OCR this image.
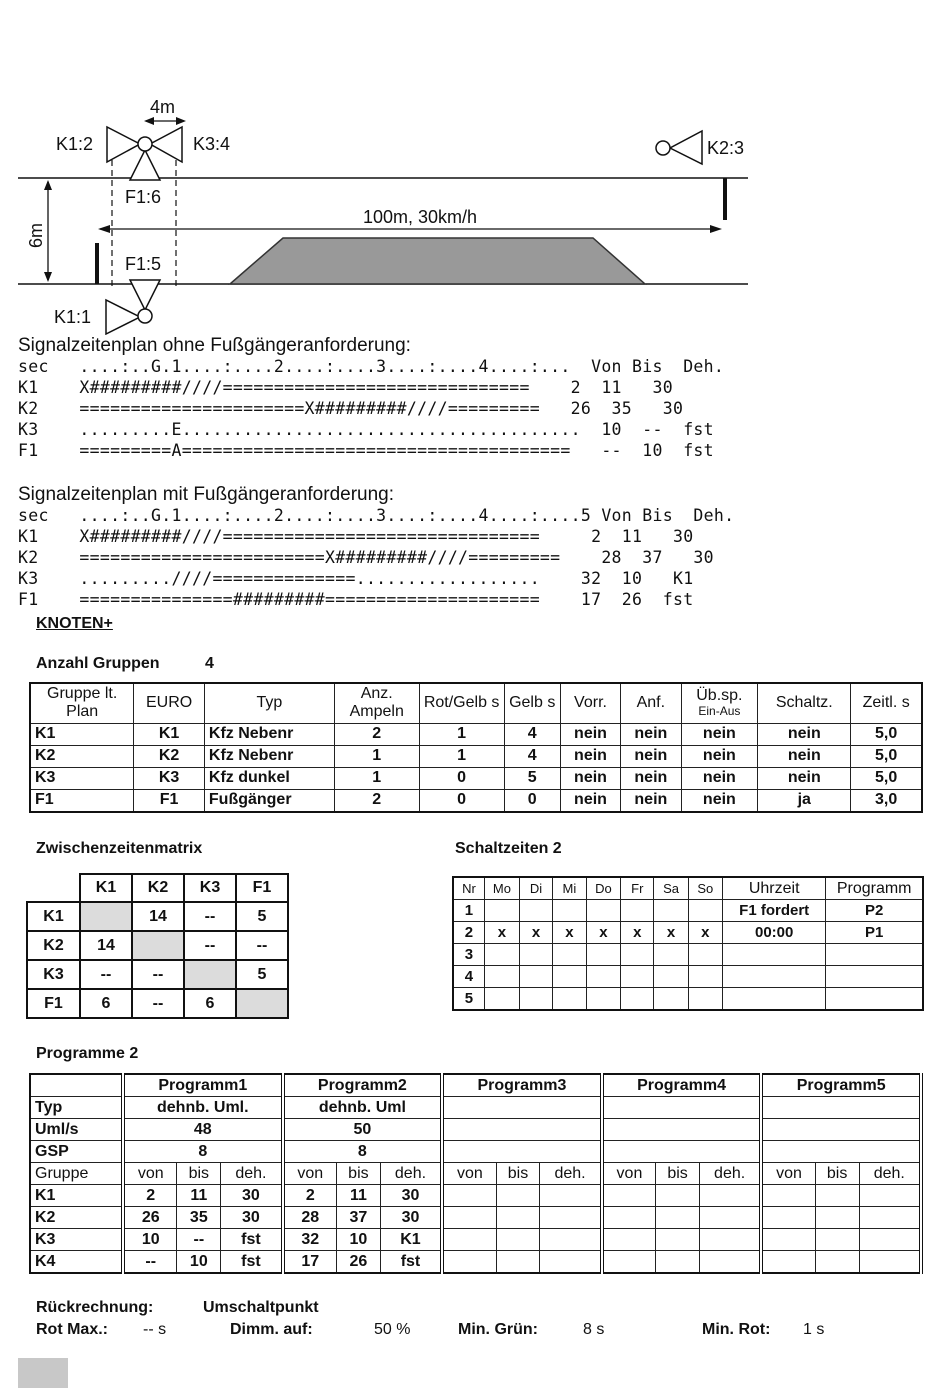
4m
K1:2	K3:4	K2:3
F1:6
100m, 30km/h
6m
F1:5
K1:1
Signalzeitenplan ohne Fußgängeranforderung:
sec   ....:..G.1....:....2....:....3....:....4....:...  Von Bis  Deh.
K1    X#########////==============================    2  11   30
K2    ======================X#########////=========   26  35   30
K3    .........E.......................................  10  --  fst
F1    =========A======================================   --  10  fst
Signalzeitenplan mit Fußgängeranforderung:
sec   ....:..G.1....:....2....:....3....:....4....:....5 Von Bis  Deh.
K1    X#########////===============================     2  11   30
K2    ========================X#########////=========    28  37   30
K3    .........////==============..................    32  10   K1
F1    ===============#########=====================    17  26  fst
KNOTEN+
Anzahl Gruppen	4
Gruppe lt. Plan	EURO	Typ	Anz. Ampeln	Rot/Gelb s	Gelb s	Vorr.	Anf.	Üb.sp.
Ein-Aus	Schaltz.	Zeitl. s
K1	K1	Kfz Nebenr	2	1	4	nein	nein	nein	nein	5,0
K2	K2	Kfz Nebenr	1	1	4	nein	nein	nein	nein	5,0
K3	K3	Kfz dunkel	1	0	5	nein	nein	nein	nein	5,0
F1	F1	Fußgänger	2	0	0	nein	nein	nein	ja	3,0
Zwischenzeitenmatrix
	K1	K2	K3	F1
K1		14	--	5
K2	14		--	--
K3	--	--		5
F1	6	--	6	
Schaltzeiten 2
Nr	Mo	Di	Mi	Do	Fr	Sa	So	Uhrzeit	Programm
1								F1 fordert	P2
2	x	x	x	x	x	x	x	00:00	P1
3									
4									
5									
Programme 2
	Programm1			Programm2			Programm3			Programm4			Programm5		
Typ	dehnb. Uml.			dehnb. Uml											
Uml/s	48			50											
GSP	8			8											
Gruppe	von	bis	deh.	von	bis	deh.	von	bis	deh.	von	bis	deh.	von	bis	deh.
K1	2	11	30	2	11	30									
K2	26	35	30	28	37	30									
K3	10	--	fst	32	10	K1									
K4	--	10	fst	17	26	fst									
Rückrechnung:	Umschaltpunkt
Rot Max.: -- s	Dimm. auf:	50 %	Min. Grün:	8 s	Min. Rot: 1 s
